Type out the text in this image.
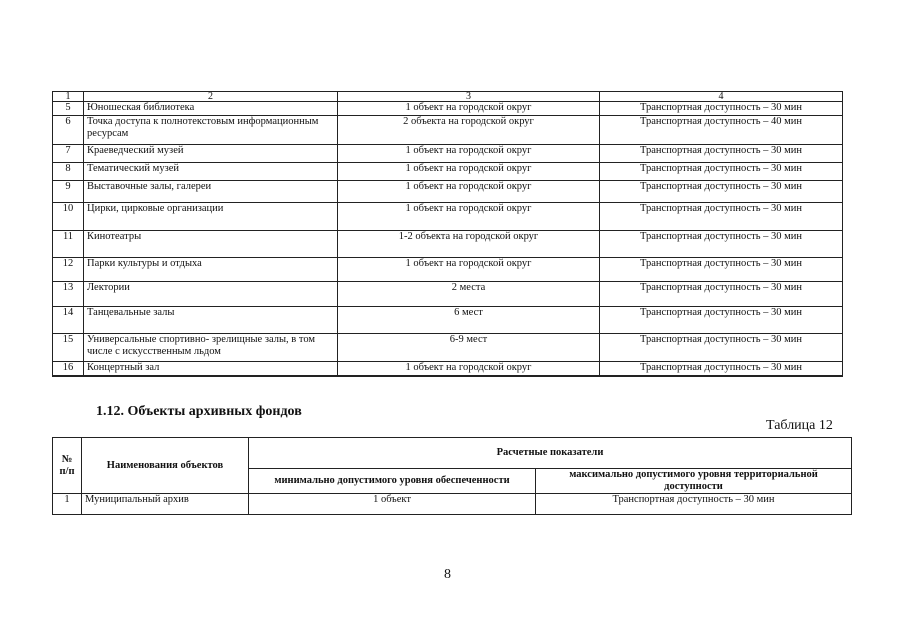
1	2	3	4
5	Юношеская библиотека	1 объект на городской округ	Транспортная доступность – 30 мин
6	Точка доступа к полнотекстовым информационным ресурсам	2 объекта на городской округ	Транспортная доступность – 40 мин
7	Краеведческий музей	1 объект на городской округ	Транспортная доступность – 30 мин
8	Тематический музей	1 объект на городской округ	Транспортная доступность – 30 мин
9	Выставочные залы, галереи	1 объект на городской округ	Транспортная доступность – 30 мин
10	Цирки, цирковые организации	1 объект на городской округ	Транспортная доступность – 30 мин
11	Кинотеатры	1-2 объекта на городской округ	Транспортная доступность – 30 мин
12	Парки культуры и отдыха	1 объект на городской округ	Транспортная доступность – 30 мин
13	Лектории	2 места	Транспортная доступность – 30 мин
14	Танцевальные залы	6 мест	Транспортная доступность – 30 мин
15	Универсальные спортивно- зрелищные залы, в том числе с искусственным льдом	6-9 мест	Транспортная доступность – 30 мин
16	Концертный зал	1 объект на городской округ	Транспортная доступность – 30 мин
1.12. Объекты архивных фондов
Таблица 12
№ п/п	Наименования объектов	Расчетные показатели	
		минимально допустимого уровня обеспеченности	максимально допустимого уровня территориальной доступности
1	Муниципальный архив	1 объект	Транспортная доступность – 30 мин
8
